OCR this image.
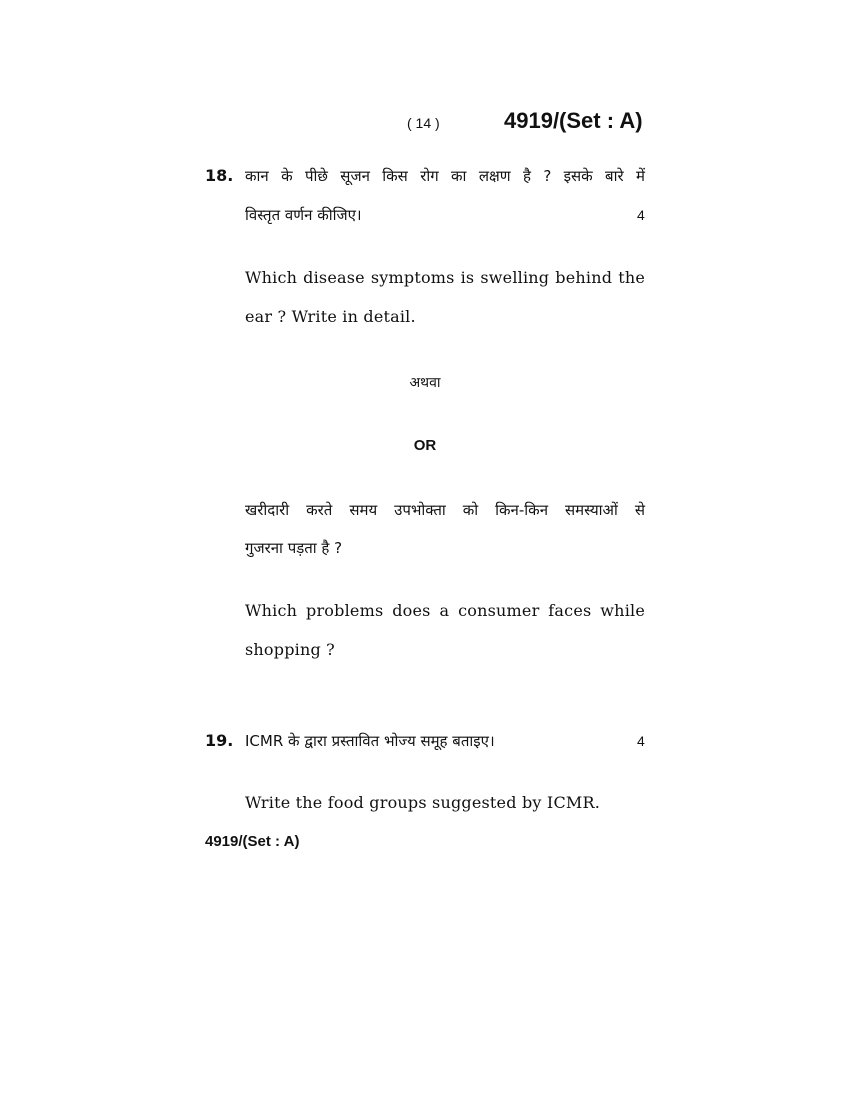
( 14 )	4919/(Set : A)
18. कान के पीछे सूजन किस रोग का लक्षण है ? इसके बारे में
विस्तृत वर्णन कीजिए।	4
Which disease symptoms is swelling behind the
ear ? Write in detail.
अथवा
OR
खरीदारी करते समय उपभोक्ता को किन-किन समस्याओं से
गुजरना पड़ता है ?
Which problems does a consumer faces while
shopping ?
19. ICMR के द्वारा प्रस्तावित भोज्य समूह बताइए।	4
Write the food groups suggested by ICMR.
4919/(Set : A)
